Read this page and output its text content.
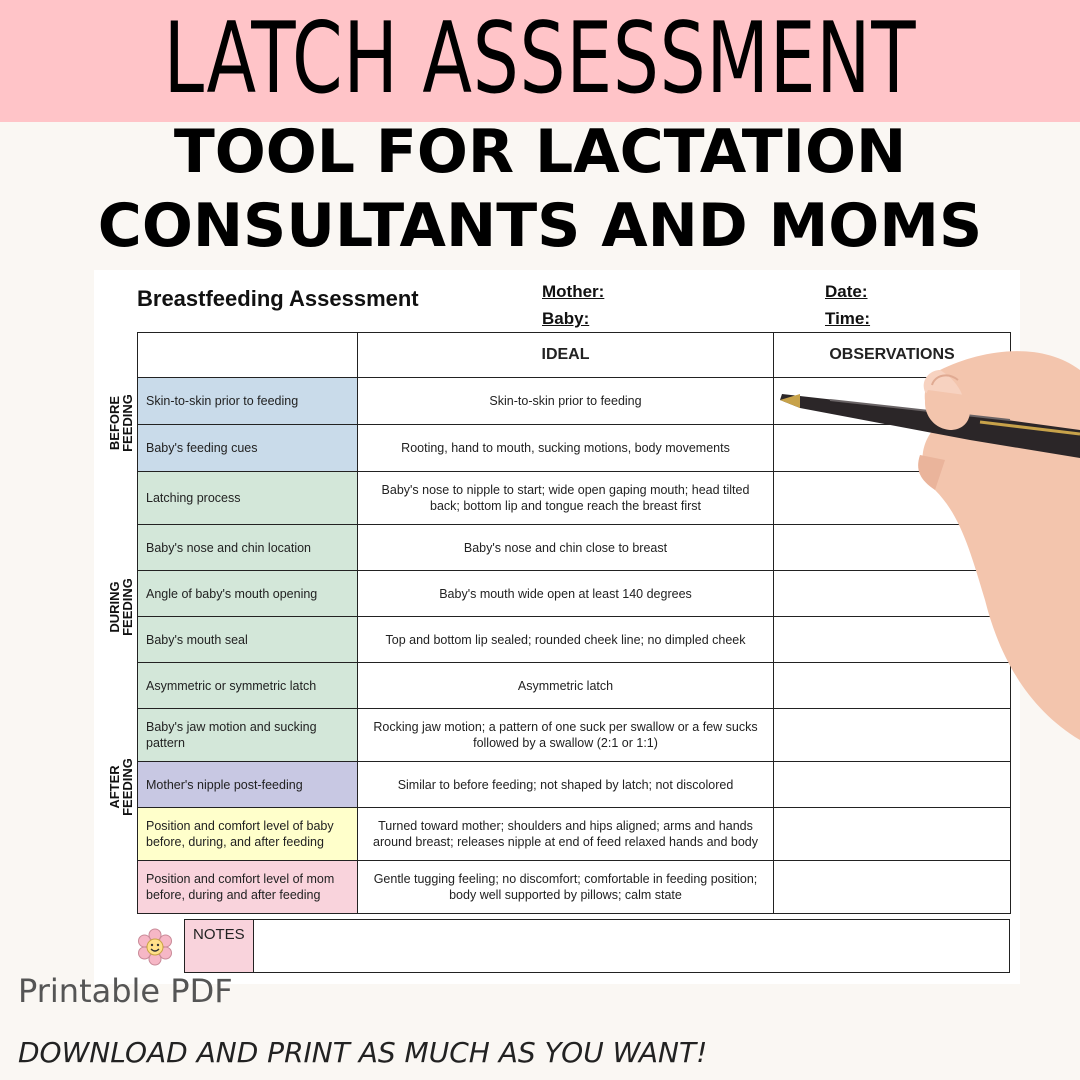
LATCH ASSESSMENT
TOOL FOR LACTATION
CONSULTANTS AND MOMS
Breastfeeding Assessment	Mother:
Baby:
Date:
Time:
	IDEAL	OBSERVATIONS
Skin-to-skin prior to feeding	Skin-to-skin prior to feeding	
Baby's feeding cues	Rooting, hand to mouth, sucking motions, body movements	
Latching process	Baby's nose to nipple to start; wide open gaping mouth; head tilted back; bottom lip and tongue reach the breast first	
Baby's nose and chin location	Baby's nose and chin close to breast	
Angle of baby's mouth opening	Baby's mouth wide open at least 140 degrees	
Baby's mouth seal	Top and bottom lip sealed; rounded cheek line; no dimpled cheek	
Asymmetric or symmetric latch	Asymmetric latch	
Baby's jaw motion and sucking pattern	Rocking jaw motion; a pattern of one suck per swallow or a few sucks followed by a swallow (2:1 or 1:1)	
Mother's nipple post-feeding	Similar to before feeding; not shaped by latch; not discolored	
Position and comfort level of baby before, during, and after feeding	Turned toward mother; shoulders and hips aligned; arms and hands around breast; releases nipple at end of feed relaxed hands and body	
Position and comfort level of mom before, during and after feeding	Gentle tugging feeling; no discomfort; comfortable in feeding position; body well supported by pillows; calm state	
BEFORE
FEEDING
DURING
FEEDING
AFTER
FEEDING
NOTES
Printable PDF
DOWNLOAD AND PRINT AS MUCH AS YOU WANT!
